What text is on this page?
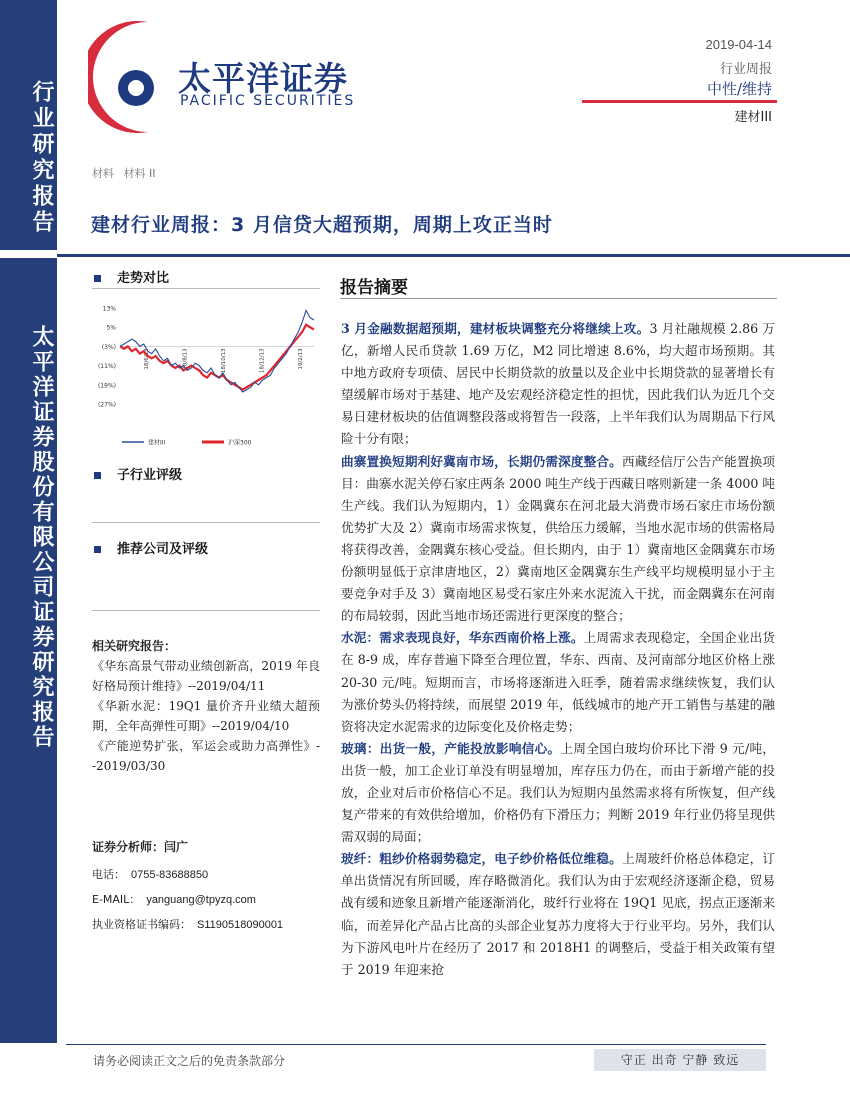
行业研究报告
太平洋证券股份有限公司证券研究报告
太平洋证券
PACIFIC SECURITIES
2019-04-14
行业周报
中性/维持
建材III
材料 材料 II
建材行业周报：3 月信贷大超预期，周期上攻正当时
走势对比
13%
5%
(3%)
(11%)
(19%)
(27%)
18/6/13	18/8/13	18/10/13	18/12/13	19/2/13
建材III	沪深300
子行业评级
推荐公司及评级
相关研究报告：
《华东高景气带动业绩创新高，2019 年良好格局预计维持》--2019/04/11
《华新水泥：19Q1 量价齐升业绩大超预期，全年高弹性可期》--2019/04/10
《产能逆势扩张，军运会或助力高弹性》--2019/03/30
证券分析师：闫广
电话： 0755-83688850
E-MAIL： yanguang@tpyzq.com
执业资格证书编码： S1190518090001
报告摘要

3 月金融数据超预期，建材板块调整充分将继续上攻。3 月社融规模 2.86 万亿，新增人民币贷款 1.69 万亿，M2 同比增速 8.6%，均大超市场预期。其中地方政府专项债、居民中长期贷款的放量以及企业中长期贷款的显著增长有望缓解市场对于基建、地产及宏观经济稳定性的担忧，因此我们认为近几个交易日建材板块的估值调整段落或将暂告一段落，上半年我们认为周期品下行风险十分有限；

曲寨置换短期利好冀南市场，长期仍需深度整合。西藏经信厅公告产能置换项目：曲寨水泥关停石家庄两条 2000 吨生产线于西藏日喀则新建一条 4000 吨生产线。我们认为短期内，1）金隅冀东在河北最大消费市场石家庄市场份额优势扩大及 2）冀南市场需求恢复，供给压力缓解，当地水泥市场的供需格局将获得改善，金隅冀东核心受益。但长期内，由于 1）冀南地区金隅冀东市场份额明显低于京津唐地区，2）冀南地区金隅冀东生产线平均规模明显小于主要竞争对手及 3）冀南地区易受石家庄外来水泥流入干扰，而金隅冀东在河南的布局较弱，因此当地市场还需进行更深度的整合；

水泥：需求表现良好，华东西南价格上涨。上周需求表现稳定，全国企业出货在 8-9 成，库存普遍下降至合理位置，华东、西南、及河南部分地区价格上涨 20-30 元/吨。短期而言，市场将逐渐进入旺季，随着需求继续恢复，我们认为涨价势头仍将持续，而展望 2019 年，低线城市的地产开工销售与基建的融资将决定水泥需求的边际变化及价格走势；

玻璃：出货一般，产能投放影响信心。上周全国白玻均价环比下滑 9 元/吨，出货一般，加工企业订单没有明显增加，库存压力仍在，而由于新增产能的投放，企业对后市价格信心不足。我们认为短期内虽然需求将有所恢复，但产线复产带来的有效供给增加，价格仍有下滑压力；判断 2019 年行业仍将呈现供需双弱的局面；

玻纤：粗纱价格弱势稳定，电子纱价格低位维稳。上周玻纤价格总体稳定，订单出货情况有所回暖，库存略微消化。我们认为由于宏观经济逐渐企稳，贸易战有缓和迹象且新增产能逐渐消化，玻纤行业将在 19Q1 见底，拐点正逐渐来临，而差异化产品占比高的头部企业复苏力度将大于行业平均。另外，我们认为下游风电叶片在经历了 2017 和 2018H1 的调整后，受益于相关政策有望于 2019 年迎来抢

请务必阅读正文之后的免责条款部分	守正 出奇 宁静 致远
